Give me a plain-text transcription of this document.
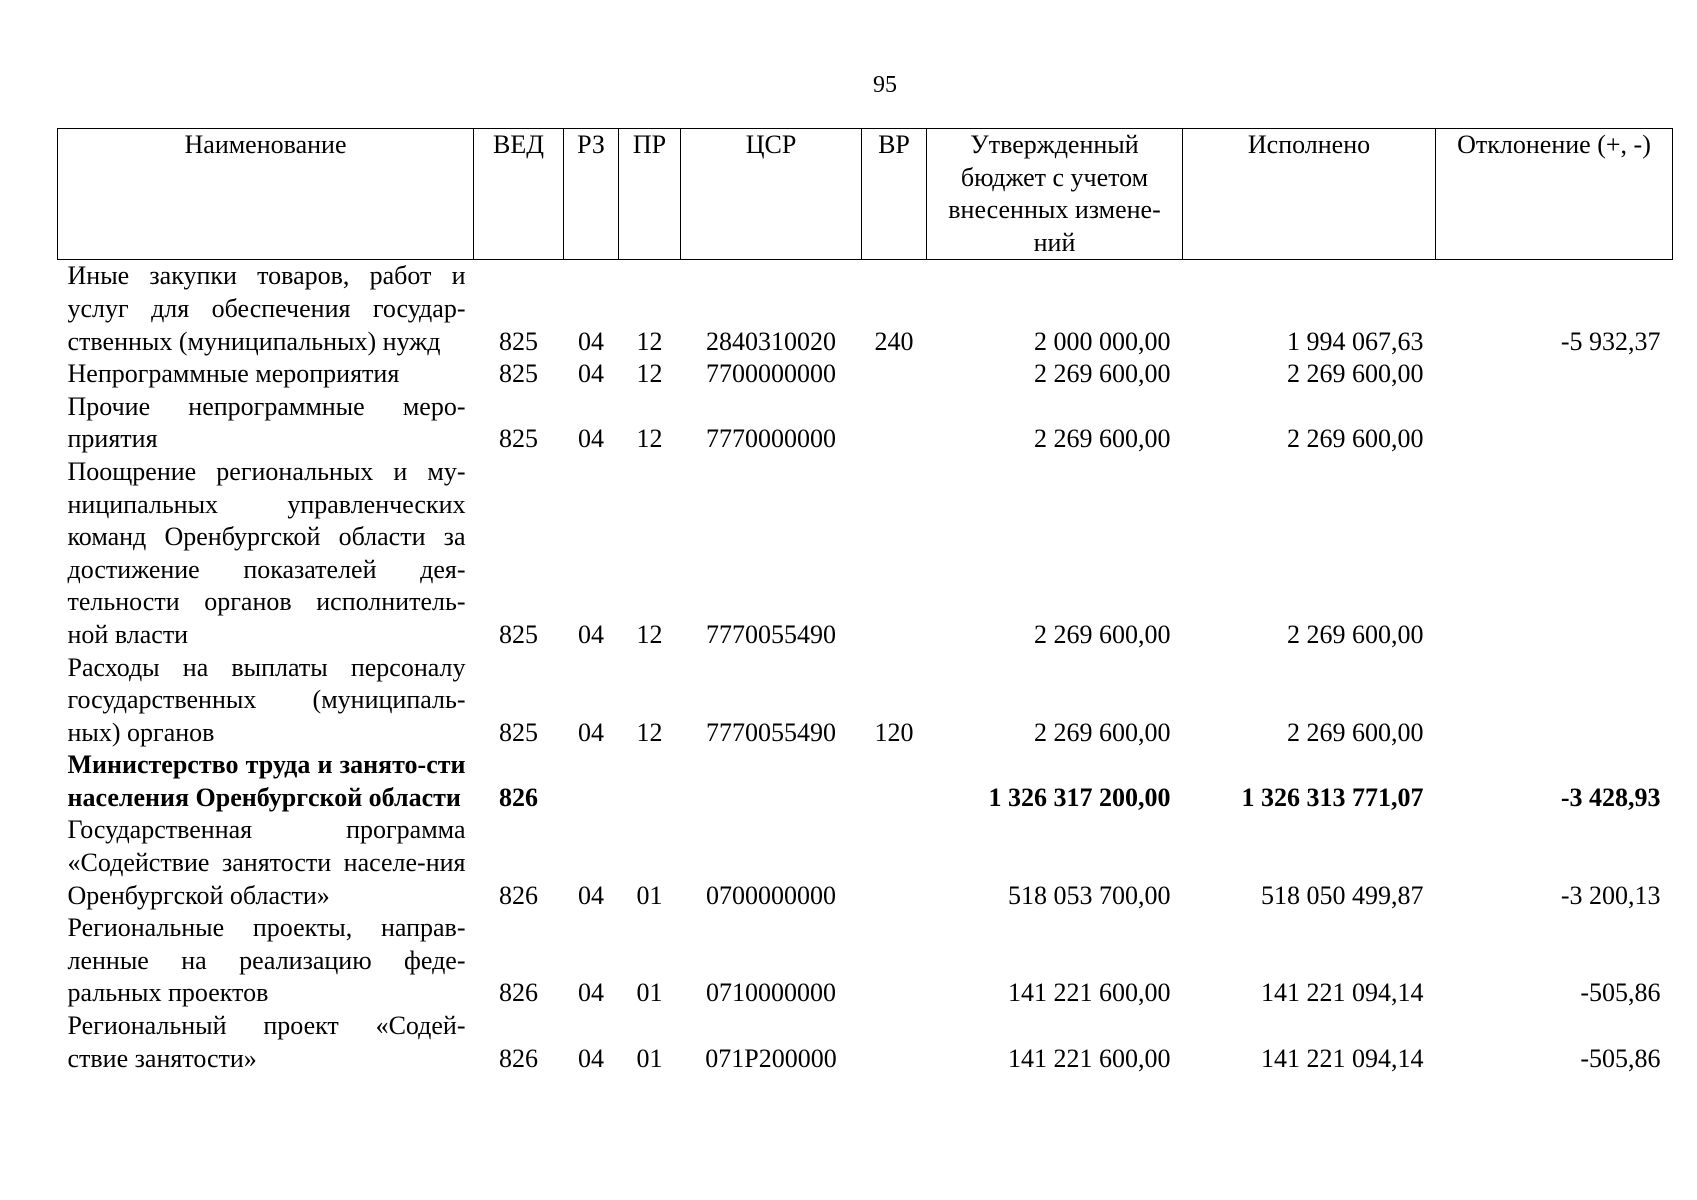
95
Наименование	ВЕД	РЗ	ПР	ЦСР	ВР	Утвержденный бюджет с учетом внесенных измене-ний	Исполнено	Отклонение (+, -)
Иные закупки товаров, работ и услуг для обеспечения государ-ственных (муниципальных) нужд	825	04	12	2840310020	240	2 000 000,00	1 994 067,63	-5 932,37
Непрограммные мероприятия	825	04	12	7700000000		2 269 600,00	2 269 600,00	
Прочие непрограммные меро-приятия	825	04	12	7770000000		2 269 600,00	2 269 600,00	
Поощрение региональных и му-ниципальных управленческих команд Оренбургской области за достижение показателей дея-тельности органов исполнитель-ной власти	825	04	12	7770055490		2 269 600,00	2 269 600,00	
Расходы на выплаты персоналу государственных (муниципаль-ных) органов	825	04	12	7770055490	120	2 269 600,00	2 269 600,00	
Министерство труда и занято-сти населения Оренбургской области	826					1 326 317 200,00	1 326 313 771,07	-3 428,93
Государственная программа «Содействие занятости населе-ния Оренбургской области»	826	04	01	0700000000		518 053 700,00	518 050 499,87	-3 200,13
Региональные проекты, направ-ленные на реализацию феде-ральных проектов	826	04	01	0710000000		141 221 600,00	141 221 094,14	-505,86
Региональный проект «Содей-ствие занятости»	826	04	01	071P200000		141 221 600,00	141 221 094,14	-505,86
